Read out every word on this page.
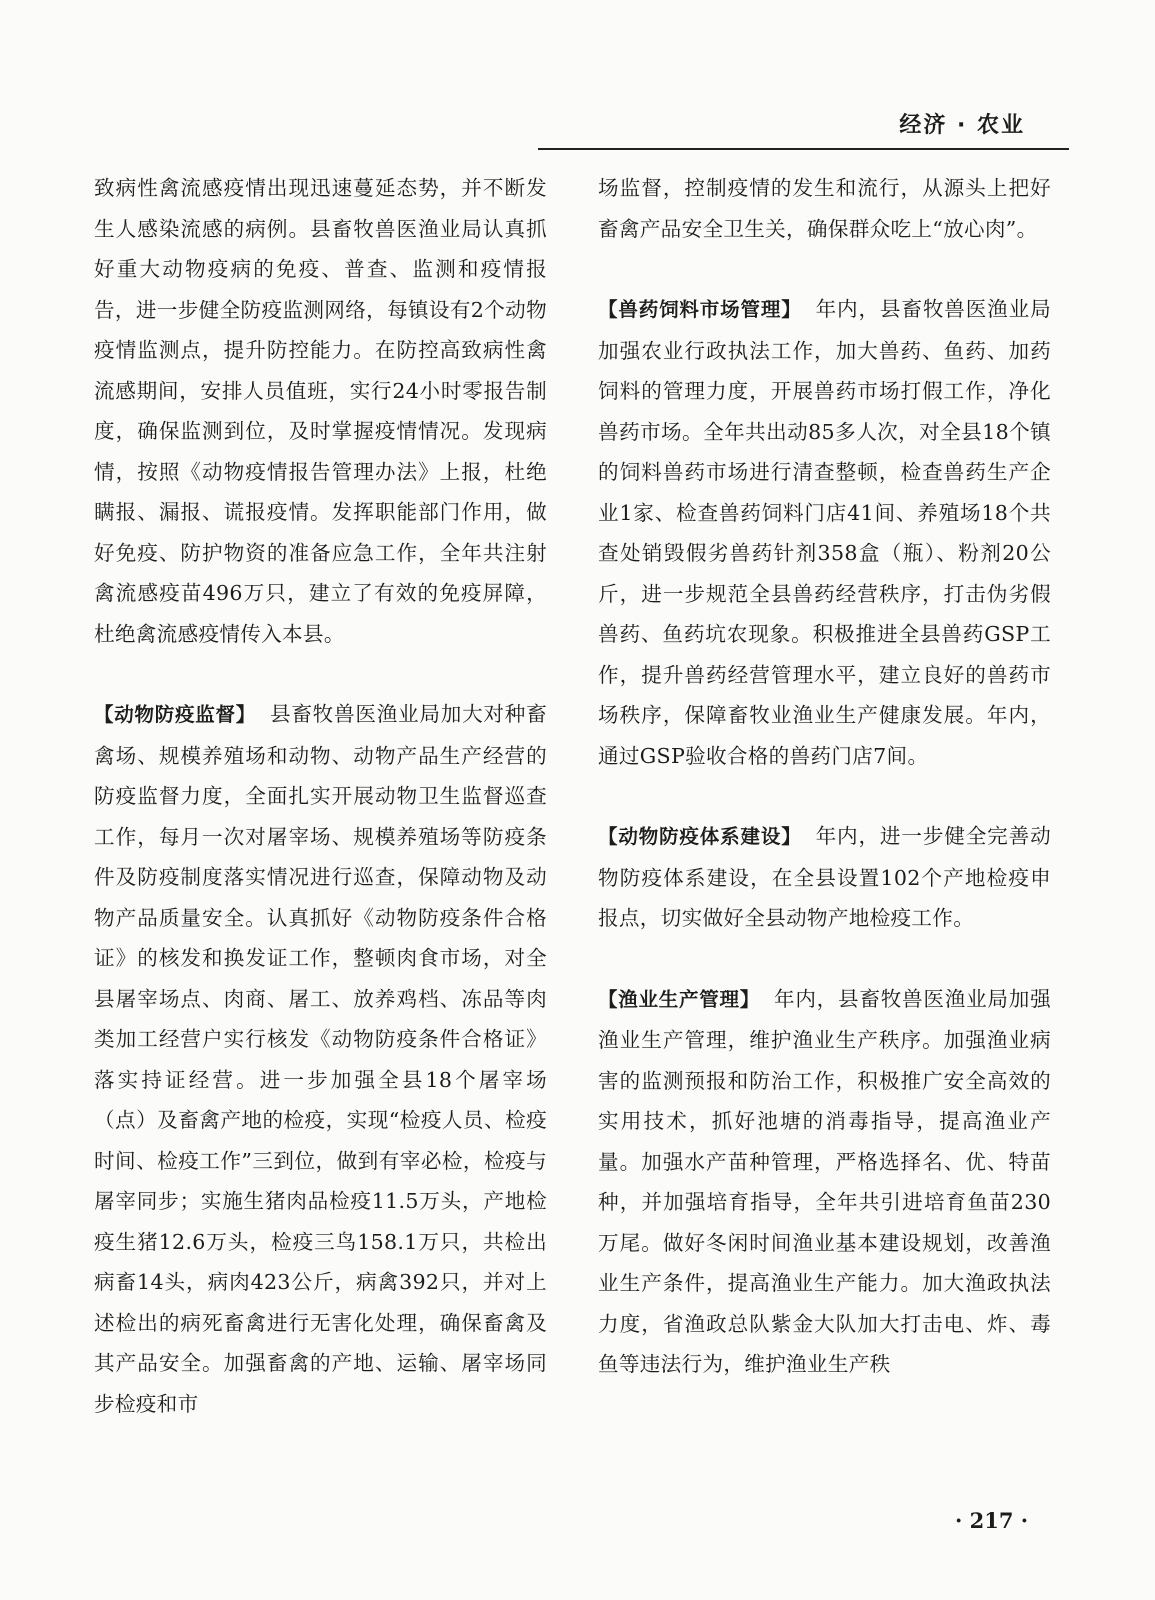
经济 · 农业

致病性禽流感疫情出现迅速蔓延态势，并不断发生人感染流感的病例。县畜牧兽医渔业局认真抓好重大动物疫病的免疫、普查、监测和疫情报告，进一步健全防疫监测网络，每镇设有2个动物疫情监测点，提升防控能力。在防控高致病性禽流感期间，安排人员值班，实行24小时零报告制度，确保监测到位，及时掌握疫情情况。发现病情，按照《动物疫情报告管理办法》上报，杜绝瞒报、漏报、谎报疫情。发挥职能部门作用，做好免疫、防护物资的准备应急工作，全年共注射禽流感疫苗496万只，建立了有效的免疫屏障，杜绝禽流感疫情传入本县。

【动物防疫监督】 县畜牧兽医渔业局加大对种畜禽场、规模养殖场和动物、动物产品生产经营的防疫监督力度，全面扎实开展动物卫生监督巡查工作，每月一次对屠宰场、规模养殖场等防疫条件及防疫制度落实情况进行巡查，保障动物及动物产品质量安全。认真抓好《动物防疫条件合格证》的核发和换发证工作，整顿肉食市场，对全县屠宰场点、肉商、屠工、放养鸡档、冻品等肉类加工经营户实行核发《动物防疫条件合格证》落实持证经营。进一步加强全县18个屠宰场（点）及畜禽产地的检疫，实现“检疫人员、检疫时间、检疫工作”三到位，做到有宰必检，检疫与屠宰同步；实施生猪肉品检疫11.5万头，产地检疫生猪12.6万头，检疫三鸟158.1万只，共检出病畜14头，病肉423公斤，病禽392只，并对上述检出的病死畜禽进行无害化处理，确保畜禽及其产品安全。加强畜禽的产地、运输、屠宰场同步检疫和市

场监督，控制疫情的发生和流行，从源头上把好畜禽产品安全卫生关，确保群众吃上“放心肉”。

【兽药饲料市场管理】 年内，县畜牧兽医渔业局加强农业行政执法工作，加大兽药、鱼药、加药饲料的管理力度，开展兽药市场打假工作，净化兽药市场。全年共出动85多人次，对全县18个镇的饲料兽药市场进行清查整顿，检查兽药生产企业1家、检查兽药饲料门店41间、养殖场18个共查处销毁假劣兽药针剂358盒（瓶）、粉剂20公斤，进一步规范全县兽药经营秩序，打击伪劣假兽药、鱼药坑农现象。积极推进全县兽药GSP工作，提升兽药经营管理水平，建立良好的兽药市场秩序，保障畜牧业渔业生产健康发展。年内，通过GSP验收合格的兽药门店7间。

【动物防疫体系建设】 年内，进一步健全完善动物防疫体系建设，在全县设置102个产地检疫申报点，切实做好全县动物产地检疫工作。

【渔业生产管理】 年内，县畜牧兽医渔业局加强渔业生产管理，维护渔业生产秩序。加强渔业病害的监测预报和防治工作，积极推广安全高效的实用技术，抓好池塘的消毒指导，提高渔业产量。加强水产苗种管理，严格选择名、优、特苗种，并加强培育指导，全年共引进培育鱼苗230万尾。做好冬闲时间渔业基本建设规划，改善渔业生产条件，提高渔业生产能力。加大渔政执法力度，省渔政总队紫金大队加大打击电、炸、毒鱼等违法行为，维护渔业生产秩

· 217 ·
